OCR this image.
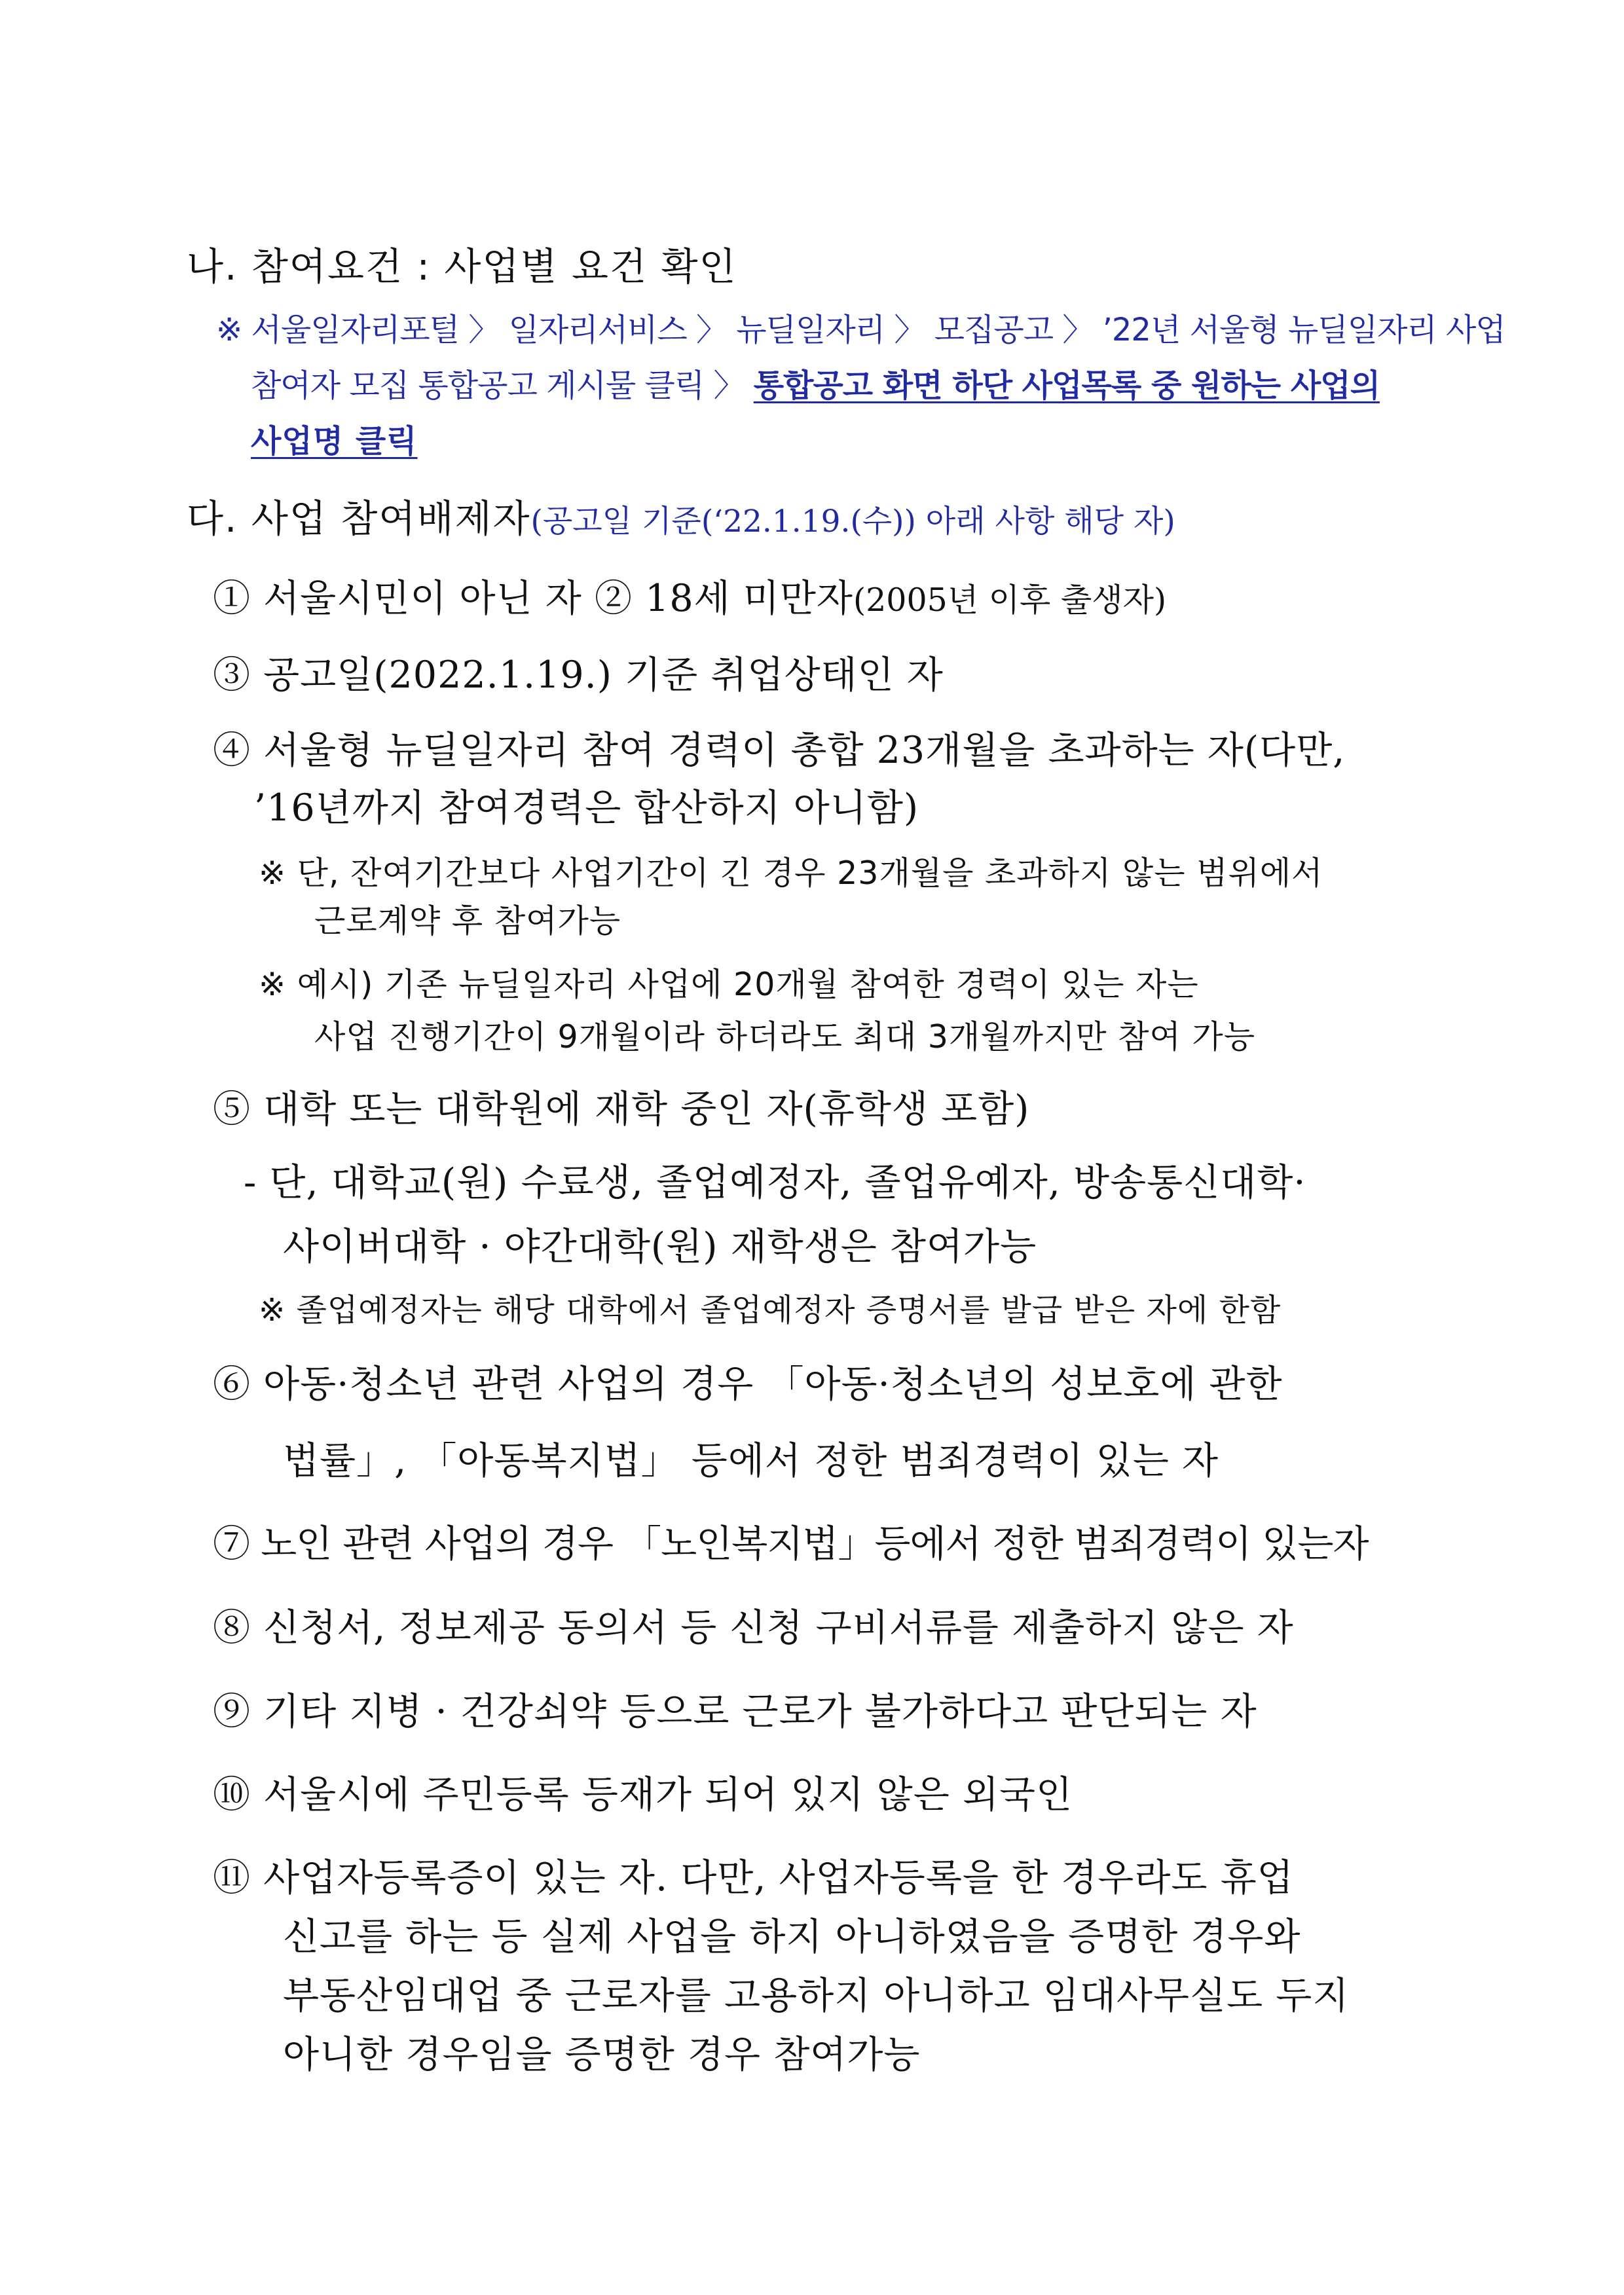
나. 참여요건 : 사업별 요건 확인
※ 서울일자리포털 〉 일자리서비스 〉 뉴딜일자리 〉 모집공고 〉 ’22년 서울형 뉴딜일자리 사업
참여자 모집 통합공고 게시물 클릭 〉 통합공고 화면 하단 사업목록 중 원하는 사업의
사업명 클릭
다. 사업 참여배제자(공고일 기준(‘22.1.19.(수)) 아래 사항 해당 자)
① 서울시민이 아닌 자 ② 18세 미만자(2005년 이후 출생자)
③ 공고일(2022.1.19.) 기준 취업상태인 자
④ 서울형 뉴딜일자리 참여 경력이 총합 23개월을 초과하는 자(다만,
’16년까지 참여경력은 합산하지 아니함)
※ 단, 잔여기간보다 사업기간이 긴 경우 23개월을 초과하지 않는 범위에서
근로계약 후 참여가능
※ 예시) 기존 뉴딜일자리 사업에 20개월 참여한 경력이 있는 자는
사업 진행기간이 9개월이라 하더라도 최대 3개월까지만 참여 가능
⑤ 대학 또는 대학원에 재학 중인 자(휴학생 포함)
- 단, 대학교(원) 수료생, 졸업예정자, 졸업유예자, 방송통신대학·
사이버대학 · 야간대학(원) 재학생은 참여가능
※ 졸업예정자는 해당 대학에서 졸업예정자 증명서를 발급 받은 자에 한함
⑥ 아동·청소년 관련 사업의 경우 「아동·청소년의 성보호에 관한
법률」, 「아동복지법」 등에서 정한 범죄경력이 있는 자
⑦ 노인 관련 사업의 경우 「노인복지법」등에서 정한 범죄경력이 있는자
⑧ 신청서, 정보제공 동의서 등 신청 구비서류를 제출하지 않은 자
⑨ 기타 지병 · 건강쇠약 등으로 근로가 불가하다고 판단되는 자
⑩ 서울시에 주민등록 등재가 되어 있지 않은 외국인
⑪ 사업자등록증이 있는 자. 다만, 사업자등록을 한 경우라도 휴업
신고를 하는 등 실제 사업을 하지 아니하였음을 증명한 경우와
부동산임대업 중 근로자를 고용하지 아니하고 임대사무실도 두지
아니한 경우임을 증명한 경우 참여가능
